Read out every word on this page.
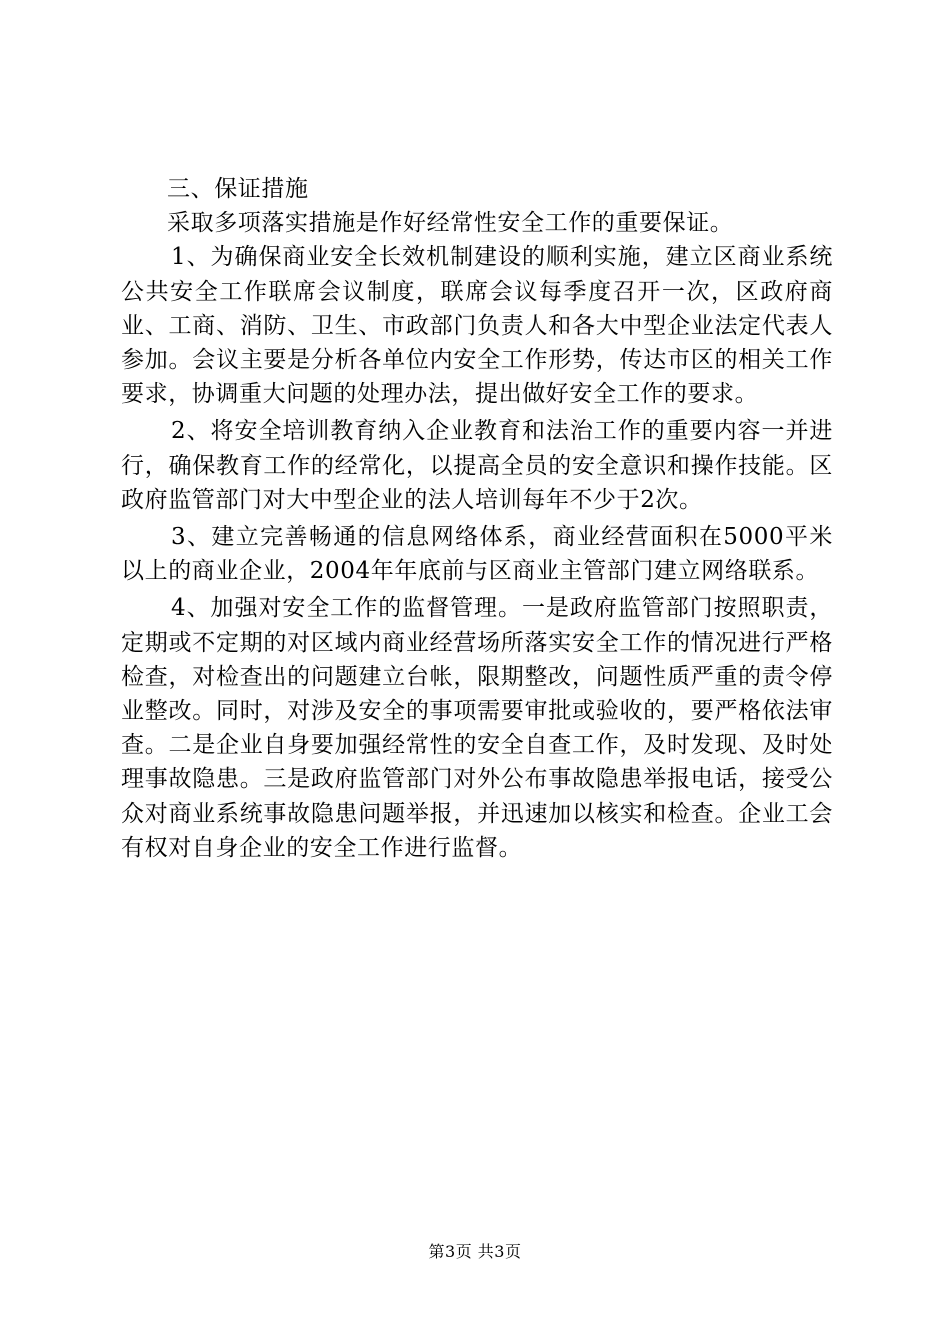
三、保证措施

采取多项落实措施是作好经常性安全工作的重要保证。

1、为确保商业安全长效机制建设的顺利实施，建立区商业系统公共安全工作联席会议制度，联席会议每季度召开一次，区政府商业、工商、消防、卫生、市政部门负责人和各大中型企业法定代表人参加。会议主要是分析各单位内安全工作形势，传达市区的相关工作要求，协调重大问题的处理办法，提出做好安全工作的要求。

2、将安全培训教育纳入企业教育和法治工作的重要内容一并进行，确保教育工作的经常化，以提高全员的安全意识和操作技能。区政府监管部门对大中型企业的法人培训每年不少于2次。

3、建立完善畅通的信息网络体系，商业经营面积在5000平米以上的商业企业，2004年年底前与区商业主管部门建立网络联系。

4、加强对安全工作的监督管理。一是政府监管部门按照职责，定期或不定期的对区域内商业经营场所落实安全工作的情况进行严格检查，对检查出的问题建立台帐，限期整改，问题性质严重的责令停业整改。同时，对涉及安全的事项需要审批或验收的，要严格依法审查。二是企业自身要加强经常性的安全自查工作，及时发现、及时处理事故隐患。三是政府监管部门对外公布事故隐患举报电话，接受公众对商业系统事故隐患问题举报，并迅速加以核实和检查。企业工会有权对自身企业的安全工作进行监督。

第3页 共3页
